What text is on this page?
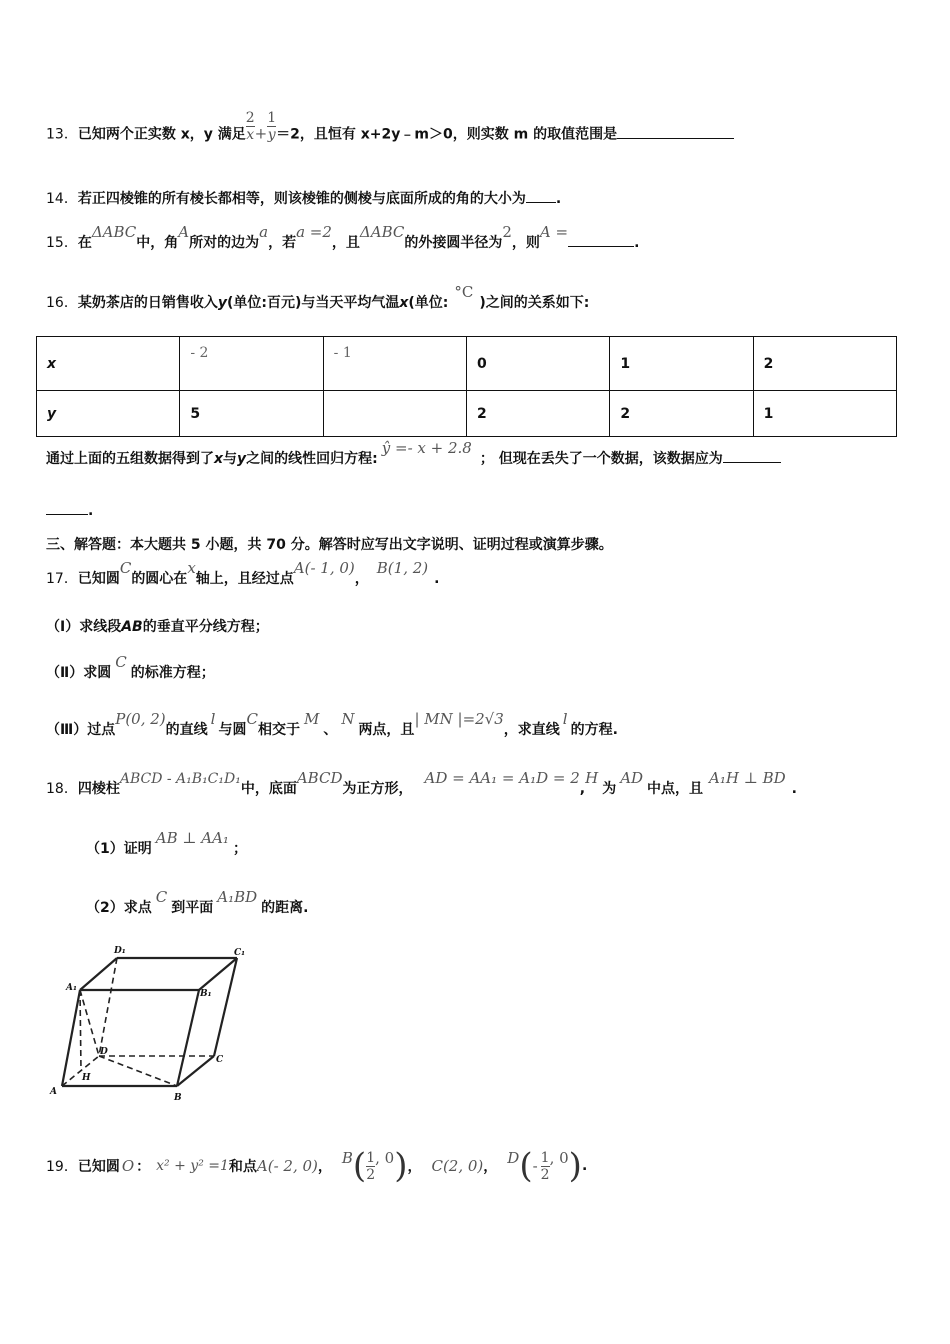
13．已知两个正实数 x，y 满足 $\frac{2}{x} + \frac{1}{y} =2$，且恒有 x+2y﹣m＞0，则实数 m 的取值范围是
14．若正四棱锥的所有棱长都相等，则该棱锥的侧棱与底面所成的角的大小为 .
15．在ΔABC中，角A所对的边为a，若a =2，且ΔABC的外接圆半径为2，则A =.
16．某奶茶店的日销售收入y(单位:百元)与当天平均气温x(单位:°C)之间的关系如下:
x	- 2	- 1	0	1	2
y	5		2	2	1
通过上面的五组数据得到了x与y之间的线性回归方程:ŷ =- x + 2.8； 但现在丢失了一个数据，该数据应为
.
三、解答题：本大题共 5 小题，共 70 分。解答时应写出文字说明、证明过程或演算步骤。
17．已知圆C的圆心在x轴上，且经过点A(- 1, 0)，B(1, 2).
（Ⅰ）求线段AB的垂直平分线方程；
（Ⅱ）求圆C的标准方程；
（Ⅲ）过点P(0, 2)的直线l与圆C相交于M、N两点，且| MN |=2√3，求直线l的方程.
18．四棱柱ABCD - A₁B₁C₁D₁中，底面ABCD为正方形，AD = AA₁ = A₁D = 2,H为AD中点，且A₁H ⊥ BD.
（1）证明AB ⊥ AA₁；
（2）求点C到平面A₁BD的距离.
D₁	C₁
A₁
B₁
D
C
H
A
B
19． 已知圆 O ： x² + y² =1 和点 A(- 2, 0) ， B ( $\frac{1}{2}$ , 0 ) ， C(2, 0) ， D ( - $\frac{1}{2}$ , 0 ) .
